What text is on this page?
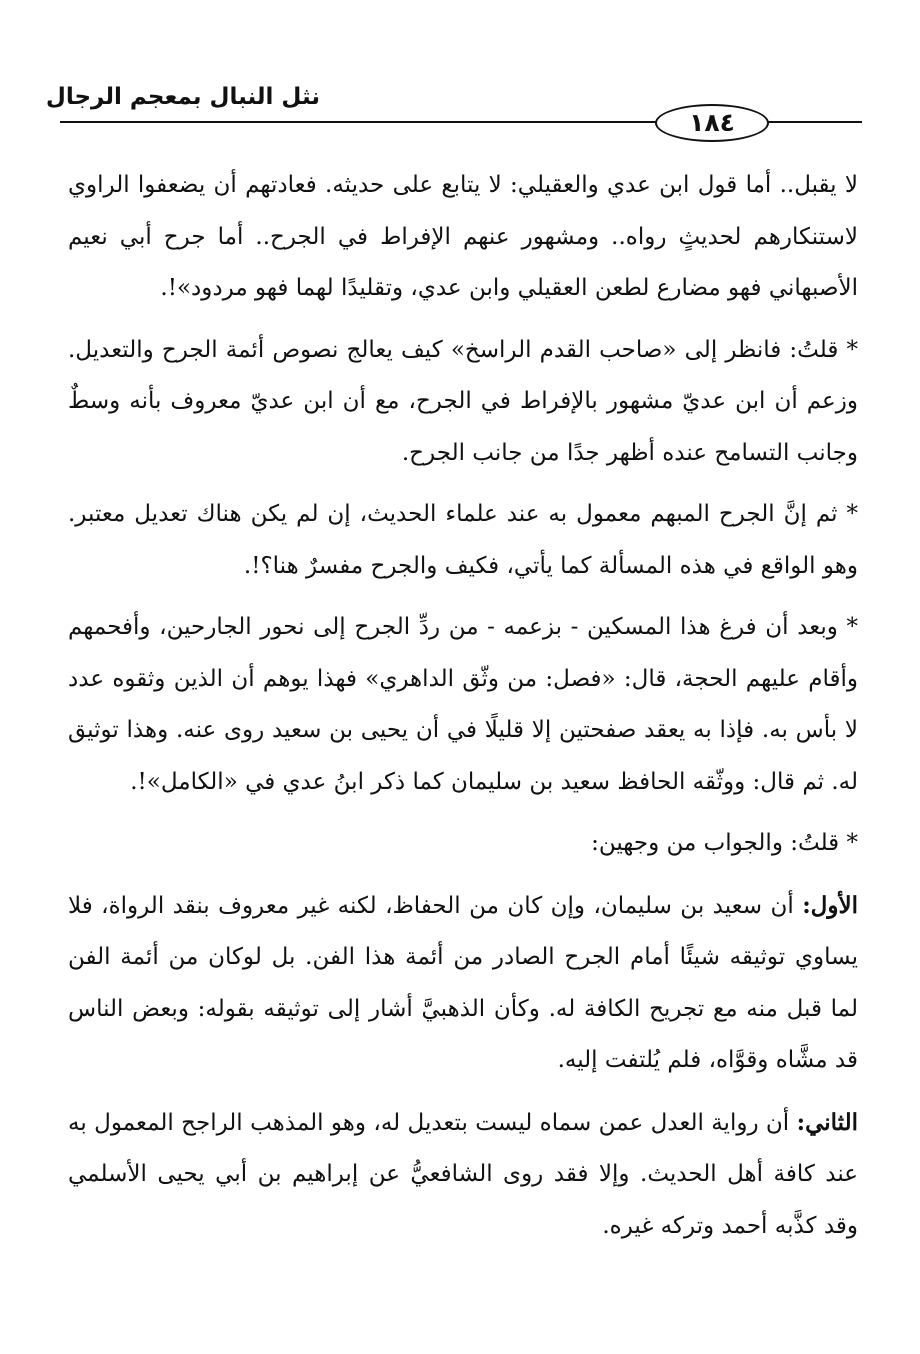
نثل النبال بمعجم الرجال
١٨٤

لا يقبل.. أما قول ابن عدي والعقيلي: لا يتابع على حديثه. فعادتهم أن يضعفوا الراوي لاستنكارهم لحديثٍ رواه.. ومشهور عنهم الإفراط في الجرح.. أما جرح أبي نعيم الأصبهاني فهو مضارع لطعن العقيلي وابن عدي، وتقليدًا لهما فهو مردود»!.

* قلتُ: فانظر إلى «صاحب القدم الراسخ» كيف يعالج نصوص أئمة الجرح والتعديل. وزعم أن ابن عديّ مشهور بالإفراط في الجرح، مع أن ابن عديّ معروف بأنه وسطٌ وجانب التسامح عنده أظهر جدًا من جانب الجرح.

* ثم إنَّ الجرح المبهم معمول به عند علماء الحديث، إن لم يكن هناك تعديل معتبر. وهو الواقع في هذه المسألة كما يأتي، فكيف والجرح مفسرٌ هنا؟!.

* وبعد أن فرغ هذا المسكين - بزعمه - من ردِّ الجرح إلى نحور الجارحين، وأفحمهم وأقام عليهم الحجة، قال: «فصل: من وثّق الداهري» فهذا يوهم أن الذين وثقوه عدد لا بأس به. فإذا به يعقد صفحتين إلا قليلًا في أن يحيى بن سعيد روى عنه. وهذا توثيق له. ثم قال: ووثّقه الحافظ سعيد بن سليمان كما ذكر ابنُ عدي في «الكامل»!.

* قلتُ: والجواب من وجهين:

الأول: أن سعيد بن سليمان، وإن كان من الحفاظ، لكنه غير معروف بنقد الرواة، فلا يساوي توثيقه شيئًا أمام الجرح الصادر من أئمة هذا الفن. بل لوكان من أئمة الفن لما قبل منه مع تجريح الكافة له. وكأن الذهبيَّ أشار إلى توثيقه بقوله: وبعض الناس قد مشَّاه وقوَّاه، فلم يُلتفت إليه.

الثاني: أن رواية العدل عمن سماه ليست بتعديل له، وهو المذهب الراجح المعمول به عند كافة أهل الحديث. وإلا فقد روى الشافعيُّ عن إبراهيم بن أبي يحيى الأسلمي وقد كذَّبه أحمد وتركه غيره.
